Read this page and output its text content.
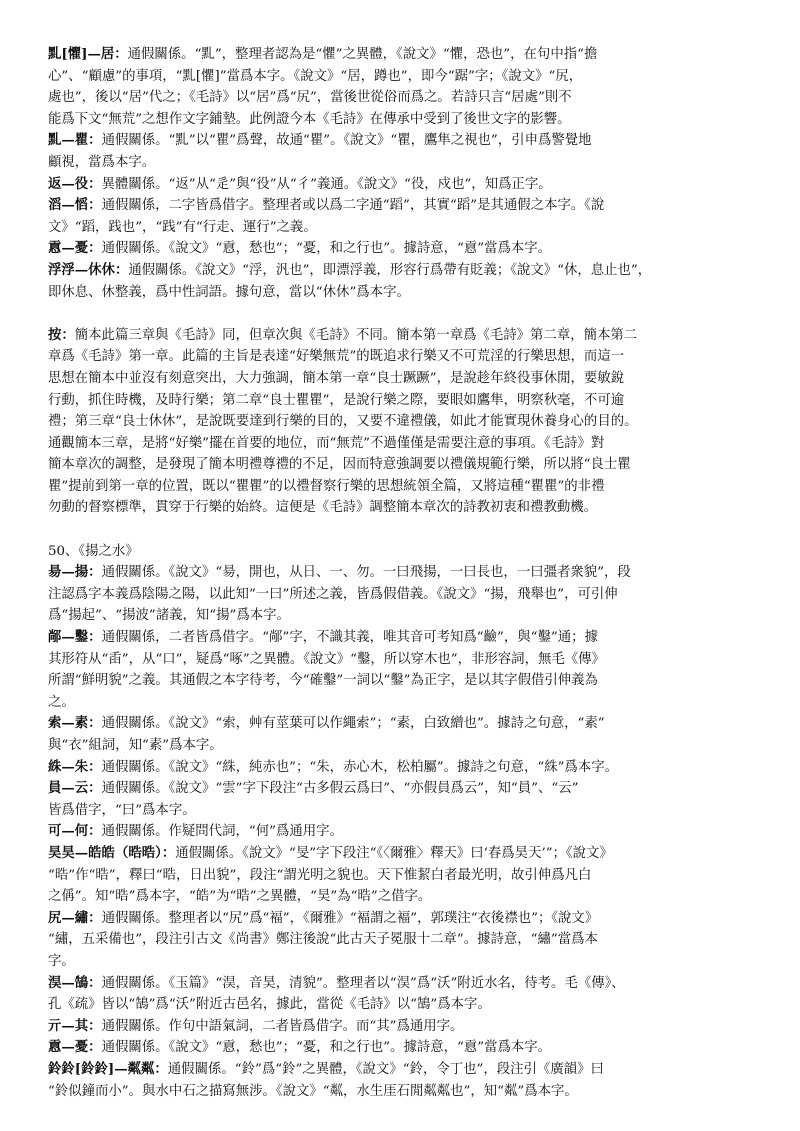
䵝[懼]—居：通假關係。“䵝”，整理者認為是“懼”之異體，《說文》“懼，恐也”，在句中指“擔

心”、“顧慮”的事項，“䵝[懼]”當爲本字。《說文》“居，蹲也”，即今“踞”字；《說文》“尻，

處也”，後以“居”代之；《毛詩》以“居”爲“尻”，當後世從俗而爲之。若詩只言“居處”則不

能爲下文“無荒”之想作文字鋪墊。此例證今本《毛詩》在傳承中受到了後世文字的影響。

䵝—瞿：通假關係。“䵝”以“瞿”爲聲，故通“瞿”。《說文》“瞿，鷹隼之視也”，引申爲警覺地

顧視，當爲本字。

返—役：異體關係。“返”从“辵”與“役”从“彳”義通。《說文》“役，戍也”，知爲正字。

滔—慆：通假關係，二字皆爲借字。整理者或以爲二字通“蹈”，其實“蹈”是其通假之本字。《說

文》“蹈，践也”，“践”有“行走、運行”之義。

慐—憂：通假關係。《說文》“慐，愁也”；“憂，和之行也”。據詩意，“慐”當爲本字。

浮浮—休休：通假關係。《說文》“浮，汎也”，即漂浮義，形容行爲帶有貶義；《說文》“休，息止也”，

即休息、休整義，爲中性詞語。據句意，當以“休休”爲本字。

按：簡本此篇三章與《毛詩》同，但章次與《毛詩》不同。簡本第一章爲《毛詩》第二章，簡本第二

章爲《毛詩》第一章。此篇的主旨是表達“好樂無荒”的既追求行樂又不可荒淫的行樂思想，而這一

思想在簡本中並沒有刻意突出，大力強調，簡本第一章“良士蹶蹶”，是說趁年終役事休閒，要敏銳

行動，抓住時機，及時行樂；第二章“良士瞿瞿”，是說行樂之際，要眼如鷹隼，明察秋毫，不可逾

禮；第三章“良士休休”，是說既要達到行樂的目的，又要不違禮儀，如此才能實現休養身心的目的。

通觀簡本三章，是將“好樂”擺在首要的地位，而“無荒”不過僅僅是需要注意的事項。《毛詩》對

簡本章次的調整，是發現了簡本明禮尊禮的不足，因而特意強調要以禮儀規範行樂，所以將“良士瞿

瞿”提前到第一章的位置，既以“瞿瞿”的以禮督察行樂的思想統領全篇，又將這種“瞿瞿”的非禮

勿動的督察標準，貫穿于行樂的始終。這便是《毛詩》調整簡本章次的詩教初衷和禮教動機。

50、《揚之水》

昜—揚：通假關係。《說文》“昜，開也，从日、一、勿。一曰飛揚，一曰長也，一曰彊者衆貌”，段

注認爲字本義爲陰陽之陽，以此知“一曰”所述之義，皆爲假借義。《說文》“揚，飛舉也”，可引伸

爲“揚起”、“揚波”諸義，知“揚”爲本字。

䣊—鑿：通假關係，二者皆爲借字。“䣊”字，不識其義，唯其音可考知爲“䶨”，與“鑿”通；據

其形符从“臿”，从“口”，疑爲“啄”之異體。《說文》“鑿，所以穿木也”，非形容詞，無毛《傳》

所謂“鮮明貌”之義。其通假之本字待考，今“確鑿”一詞以“鑿”為正字，是以其字假借引伸義為

之。

索—素：通假關係。《說文》“索，艸有莖葉可以作繩索”；“素，白致繒也”。據詩之句意，“素”

與“衣”組詞，知“素”爲本字。

絑—朱：通假關係。《說文》“絑，純赤也”；“朱，赤心木，松柏屬”。據詩之句意，“絑”爲本字。

員—云：通假關係。《說文》“雲”字下段注“古多假云爲曰”、“亦假員爲云”，知“員”、“云”

皆爲借字，“曰”爲本字。

可—何：通假關係。作疑問代詞，“何”爲通用字。

昊昊—皓皓（晧晧）：通假關係。《說文》“旻”字下段注“《〈爾雅〉釋天》曰‘春爲昊天’”；《說文》

“晧”作“晧”，釋曰“晧，日出貌”，段注“謂光明之貌也。天下惟絜白者最光明，故引伸爲凡白

之偁”。知“晧”爲本字，“皓”为“晧”之異體，“昊”為“晧”之借字。

尻—繡：通假關係。整理者以“尻”爲“褔”，《爾雅》“褔謂之褔”，郭璞注“衣後襟也”；《說文》

“繡，五采備也”，段注引古文《尚書》鄭注後說“此古天子冕服十二章”。據詩意，“繡”當爲本

字。

淏—鵠：通假關係。《玉篇》“淏，音昊，清貌”。整理者以“淏”爲“沃”附近水名，待考。毛《傳》、

孔《疏》皆以“鵠”爲“沃”附近古邑名，據此，當從《毛詩》以“鵠”爲本字。

亓—其：通假關係。作句中語氣詞，二者皆爲借字。而“其”爲通用字。

慐—憂：通假關係。《說文》“慐，愁也”；“憂，和之行也”。據詩意，“慐”當爲本字。

鈴鈴[鈴鈴]—粼粼：通假關係。“鈴”爲“鈴”之異體，《說文》“鈴，令丁也”，段注引《廣韻》曰

“鈴似鐘而小”。與水中石之描寫無涉。《說文》“粼，水生厓石閒粼粼也”，知“粼”爲本字。
